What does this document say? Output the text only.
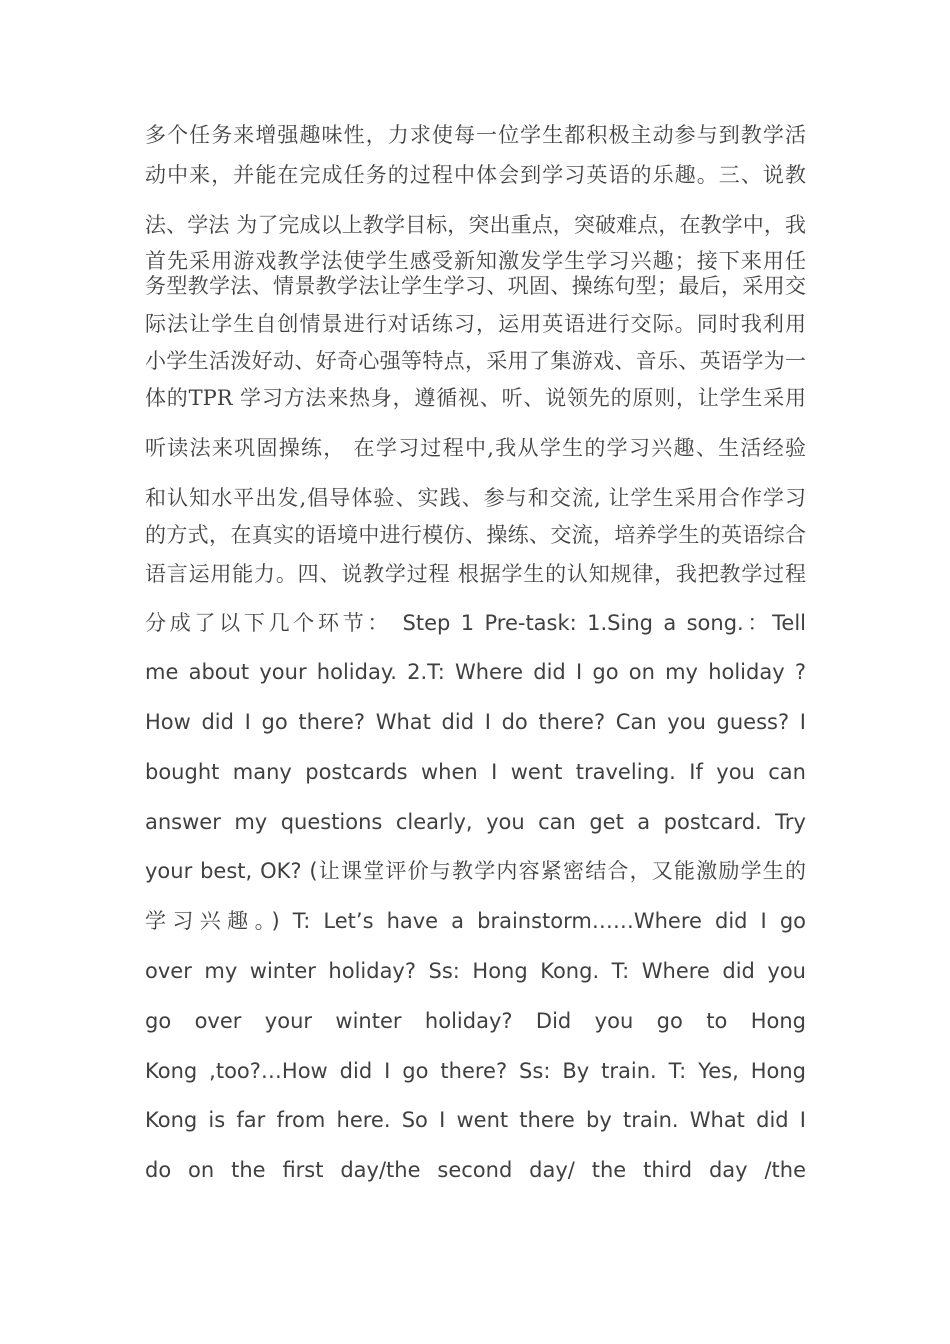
多个任务来增强趣味性，力求使每一位学生都积极主动参与到教学活
动中来，并能在完成任务的过程中体会到学习英语的乐趣。三、说教
法、学法 为了完成以上教学目标，突出重点，突破难点，在教学中，我
首先采用游戏教学法使学生感受新知激发学生学习兴趣；接下来用任
务型教学法、情景教学法让学生学习、巩固、操练句型；最后，采用交
际法让学生自创情景进行对话练习，运用英语进行交际。同时我利用
小学生活泼好动、好奇心强等特点，采用了集游戏、音乐、英语学为一
体的TPR 学习方法来热身，遵循视、听、说领先的原则，让学生采用
听读法来巩固操练， 在学习过程中,我从学生的学习兴趣、生活经验
和认知水平出发,倡导体验、实践、参与和交流, 让学生采用合作学习
的方式，在真实的语境中进行模仿、操练、交流，培养学生的英语综合
语言运用能力。四、说教学过程 根据学生的认知规律，我把教学过程
分成了以下几个环节： Step 1 Pre-task: 1.Sing a song.：Tell
me about your holiday. 2.T: Where did I go on my holiday ?
How did I go there? What did I do there? Can you guess? I
bought many postcards when I went traveling. If you can
answer my questions clearly, you can get a postcard. Try
your best, OK? (让课堂评价与教学内容紧密结合，又能激励学生的
学习兴趣。) T: Let’s have a brainstorm……Where did I go
over my winter holiday? Ss: Hong Kong. T: Where did you
go over your winter holiday? Did you go to Hong
Kong ,too?…How did I go there? Ss: By train. T: Yes, Hong
Kong is far from here. So I went there by train. What did I
do on the first day/the second day/ the third day /the
